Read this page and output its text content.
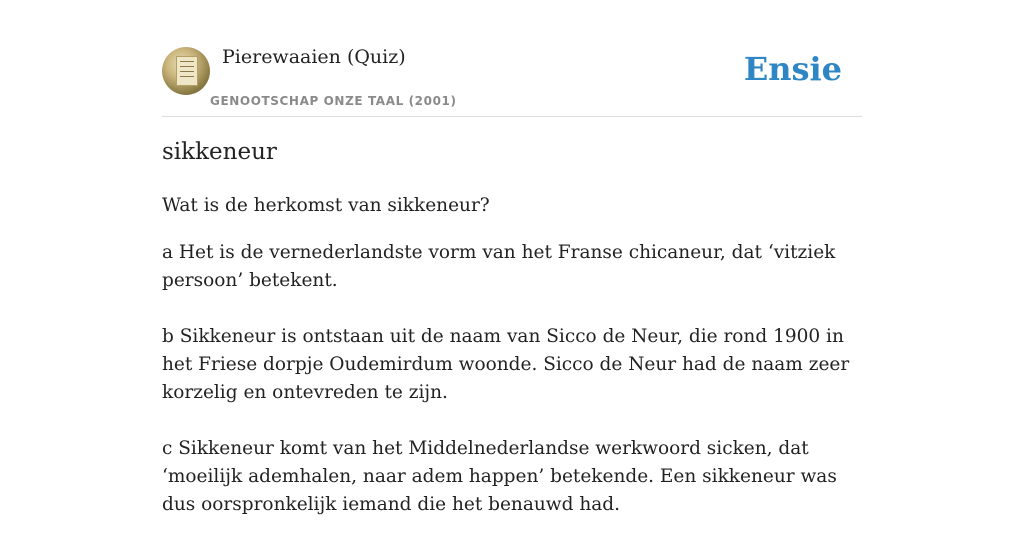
Pierewaaien (Quiz)
GENOOTSCHAP ONZE TAAL (2001)
Ensie
sikkeneur

Wat is de herkomst van sikkeneur?

a Het is de vernederlandste vorm van het Franse chicaneur, dat ‘vitziek persoon’ betekent.

b Sikkeneur is ontstaan uit de naam van Sicco de Neur, die rond 1900 in het Friese dorpje Oudemirdum woonde. Sicco de Neur had de naam zeer korzelig en ontevreden te zijn.

c Sikkeneur komt van het Middelnederlandse werkwoord sicken, dat ‘moeilijk ademhalen, naar adem happen’ betekende. Een sikkeneur was dus oorspronkelijk iemand die het benauwd had.
